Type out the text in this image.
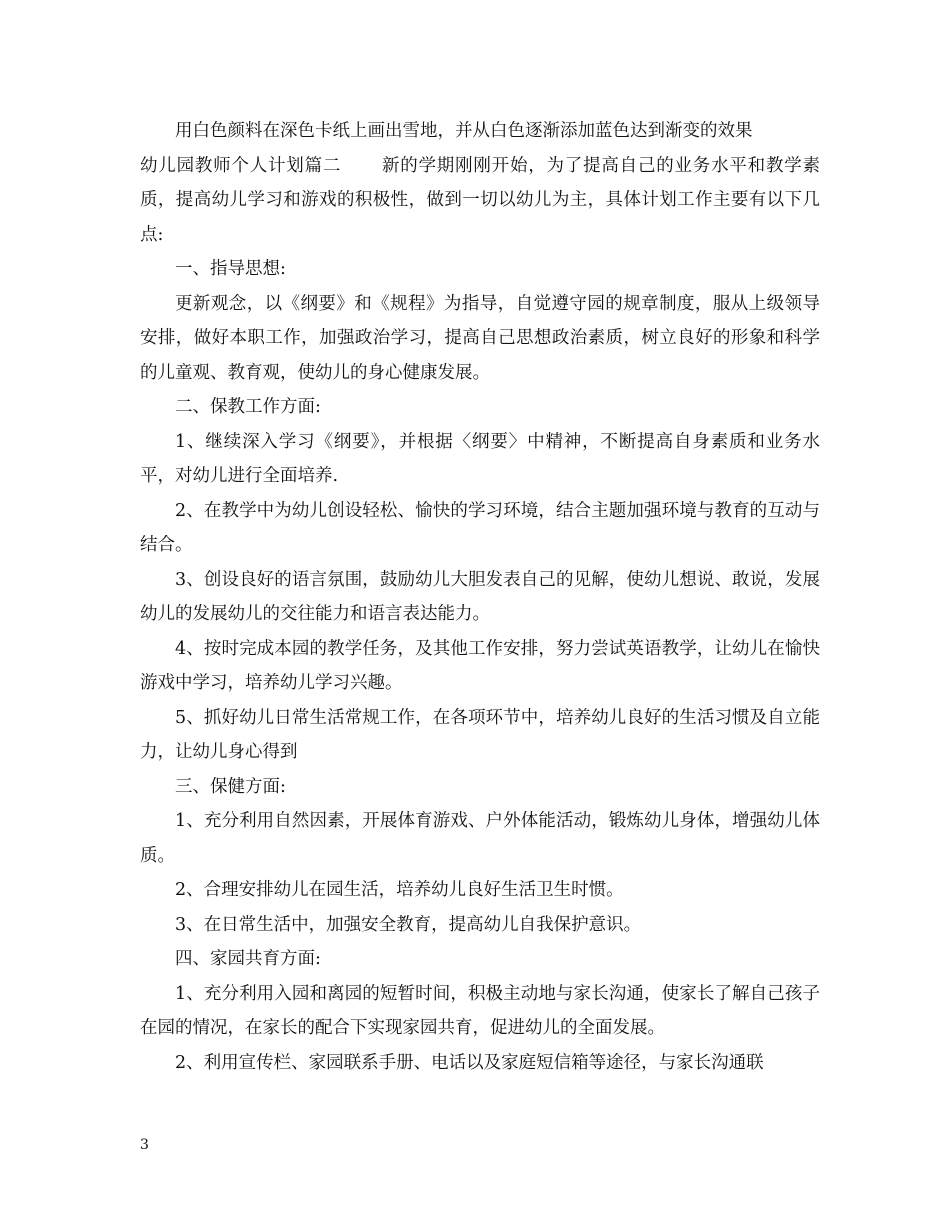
用白色颜料在深色卡纸上画出雪地，并从白色逐渐添加蓝色达到渐变的效果

幼儿园教师个人计划篇二 新的学期刚刚开始，为了提高自己的业务水平和教学素质，提高幼儿学习和游戏的积极性，做到一切以幼儿为主，具体计划工作主要有以下几点:

一、指导思想:

更新观念，以《纲要》和《规程》为指导，自觉遵守园的规章制度，服从上级领导安排，做好本职工作，加强政治学习，提高自己思想政治素质，树立良好的形象和科学的儿童观、教育观，使幼儿的身心健康发展。

二、保教工作方面:

1、继续深入学习《纲要》，并根据〈纲要〉中精神，不断提高自身素质和业务水平，对幼儿进行全面培养.

2、在教学中为幼儿创设轻松、愉快的学习环境，结合主题加强环境与教育的互动与结合。

3、创设良好的语言氛围，鼓励幼儿大胆发表自己的见解，使幼儿想说、敢说，发展幼儿的发展幼儿的交往能力和语言表达能力。

4、按时完成本园的教学任务，及其他工作安排，努力尝试英语教学，让幼儿在愉快游戏中学习，培养幼儿学习兴趣。

5、抓好幼儿日常生活常规工作，在各项环节中，培养幼儿良好的生活习惯及自立能力，让幼儿身心得到

三、保健方面:

1、充分利用自然因素，开展体育游戏、户外体能活动，锻炼幼儿身体，增强幼儿体质。

2、合理安排幼儿在园生活，培养幼儿良好生活卫生时惯。

3、在日常生活中，加强安全教育，提高幼儿自我保护意识。

四、家园共育方面:

1、充分利用入园和离园的短暂时间，积极主动地与家长沟通，使家长了解自己孩子在园的情况，在家长的配合下实现家园共育，促进幼儿的全面发展。

2、利用宣传栏、家园联系手册、电话以及家庭短信箱等途径，与家长沟通联

3
